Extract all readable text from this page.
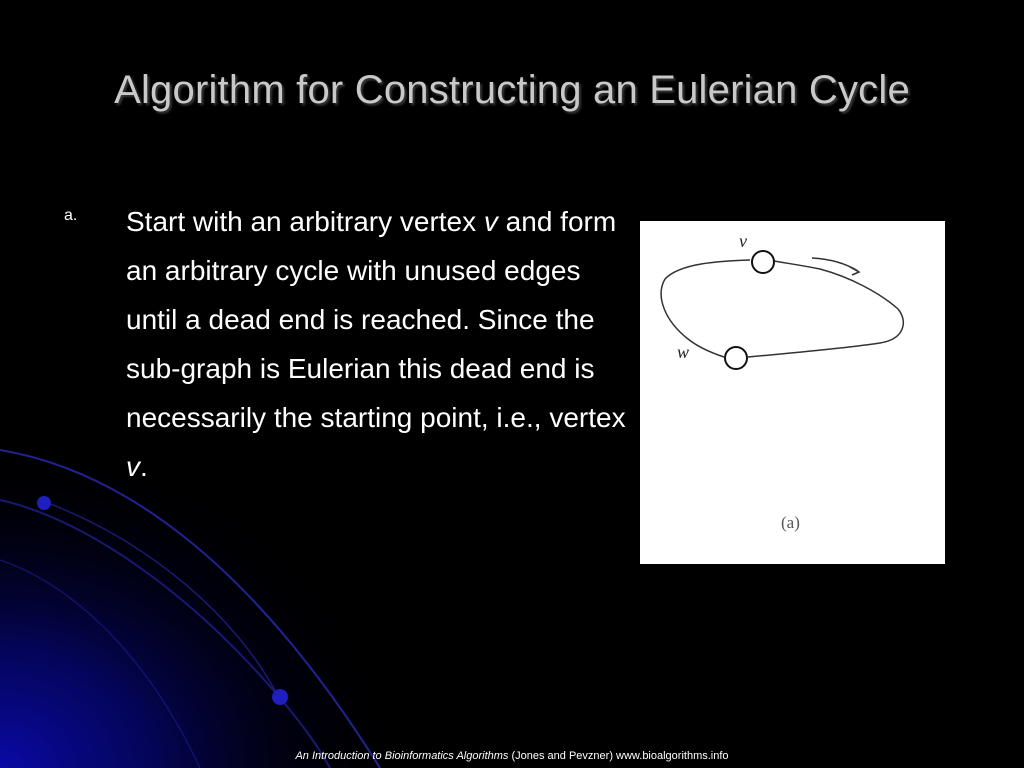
Algorithm for Constructing an Eulerian Cycle
a. Start with an arbitrary vertex v and form an arbitrary cycle with unused edges until a dead end is reached. Since the sub-graph is Eulerian this dead end is necessarily the starting point, i.e., vertex v.
v
w
(a)
An Introduction to Bioinformatics Algorithms (Jones and Pevzner) www.bioalgorithms.info
